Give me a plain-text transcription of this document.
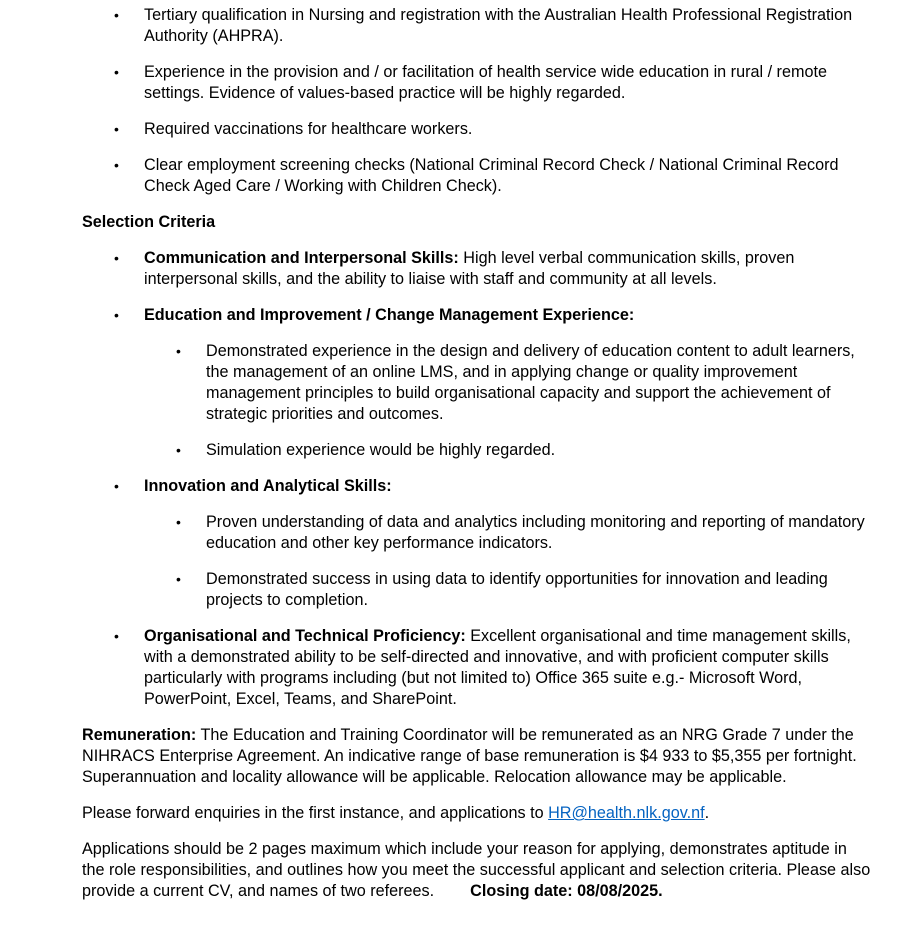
• Tertiary qualification in Nursing and registration with the Australian Health Professional Registration Authority (AHPRA).
• Experience in the provision and / or facilitation of health service wide education in rural / remote settings. Evidence of values-based practice will be highly regarded.
• Required vaccinations for healthcare workers.
• Clear employment screening checks (National Criminal Record Check / National Criminal Record Check Aged Care / Working with Children Check).

Selection Criteria

• Communication and Interpersonal Skills: High level verbal communication skills, proven interpersonal skills, and the ability to liaise with staff and community at all levels.
• Education and Improvement / Change Management Experience:
• Demonstrated experience in the design and delivery of education content to adult learners, the management of an online LMS, and in applying change or quality improvement management principles to build organisational capacity and support the achievement of strategic priorities and outcomes.
• Simulation experience would be highly regarded.
• Innovation and Analytical Skills:
• Proven understanding of data and analytics including monitoring and reporting of mandatory education and other key performance indicators.
• Demonstrated success in using data to identify opportunities for innovation and leading projects to completion.
• Organisational and Technical Proficiency: Excellent organisational and time management skills, with a demonstrated ability to be self-directed and innovative, and with proficient computer skills particularly with programs including (but not limited to) Office 365 suite e.g.- Microsoft Word, PowerPoint, Excel, Teams, and SharePoint.

Remuneration: The Education and Training Coordinator will be remunerated as an NRG Grade 7 under the NIHRACS Enterprise Agreement. An indicative range of base remuneration is $4 933 to $5,355 per fortnight. Superannuation and locality allowance will be applicable. Relocation allowance may be applicable.

Please forward enquiries in the first instance, and applications to HR@health.nlk.gov.nf.

Applications should be 2 pages maximum which include your reason for applying, demonstrates aptitude in the role responsibilities, and outlines how you meet the successful applicant and selection criteria. Please also provide a current CV, and names of two referees. Closing date: 08/08/2025.
